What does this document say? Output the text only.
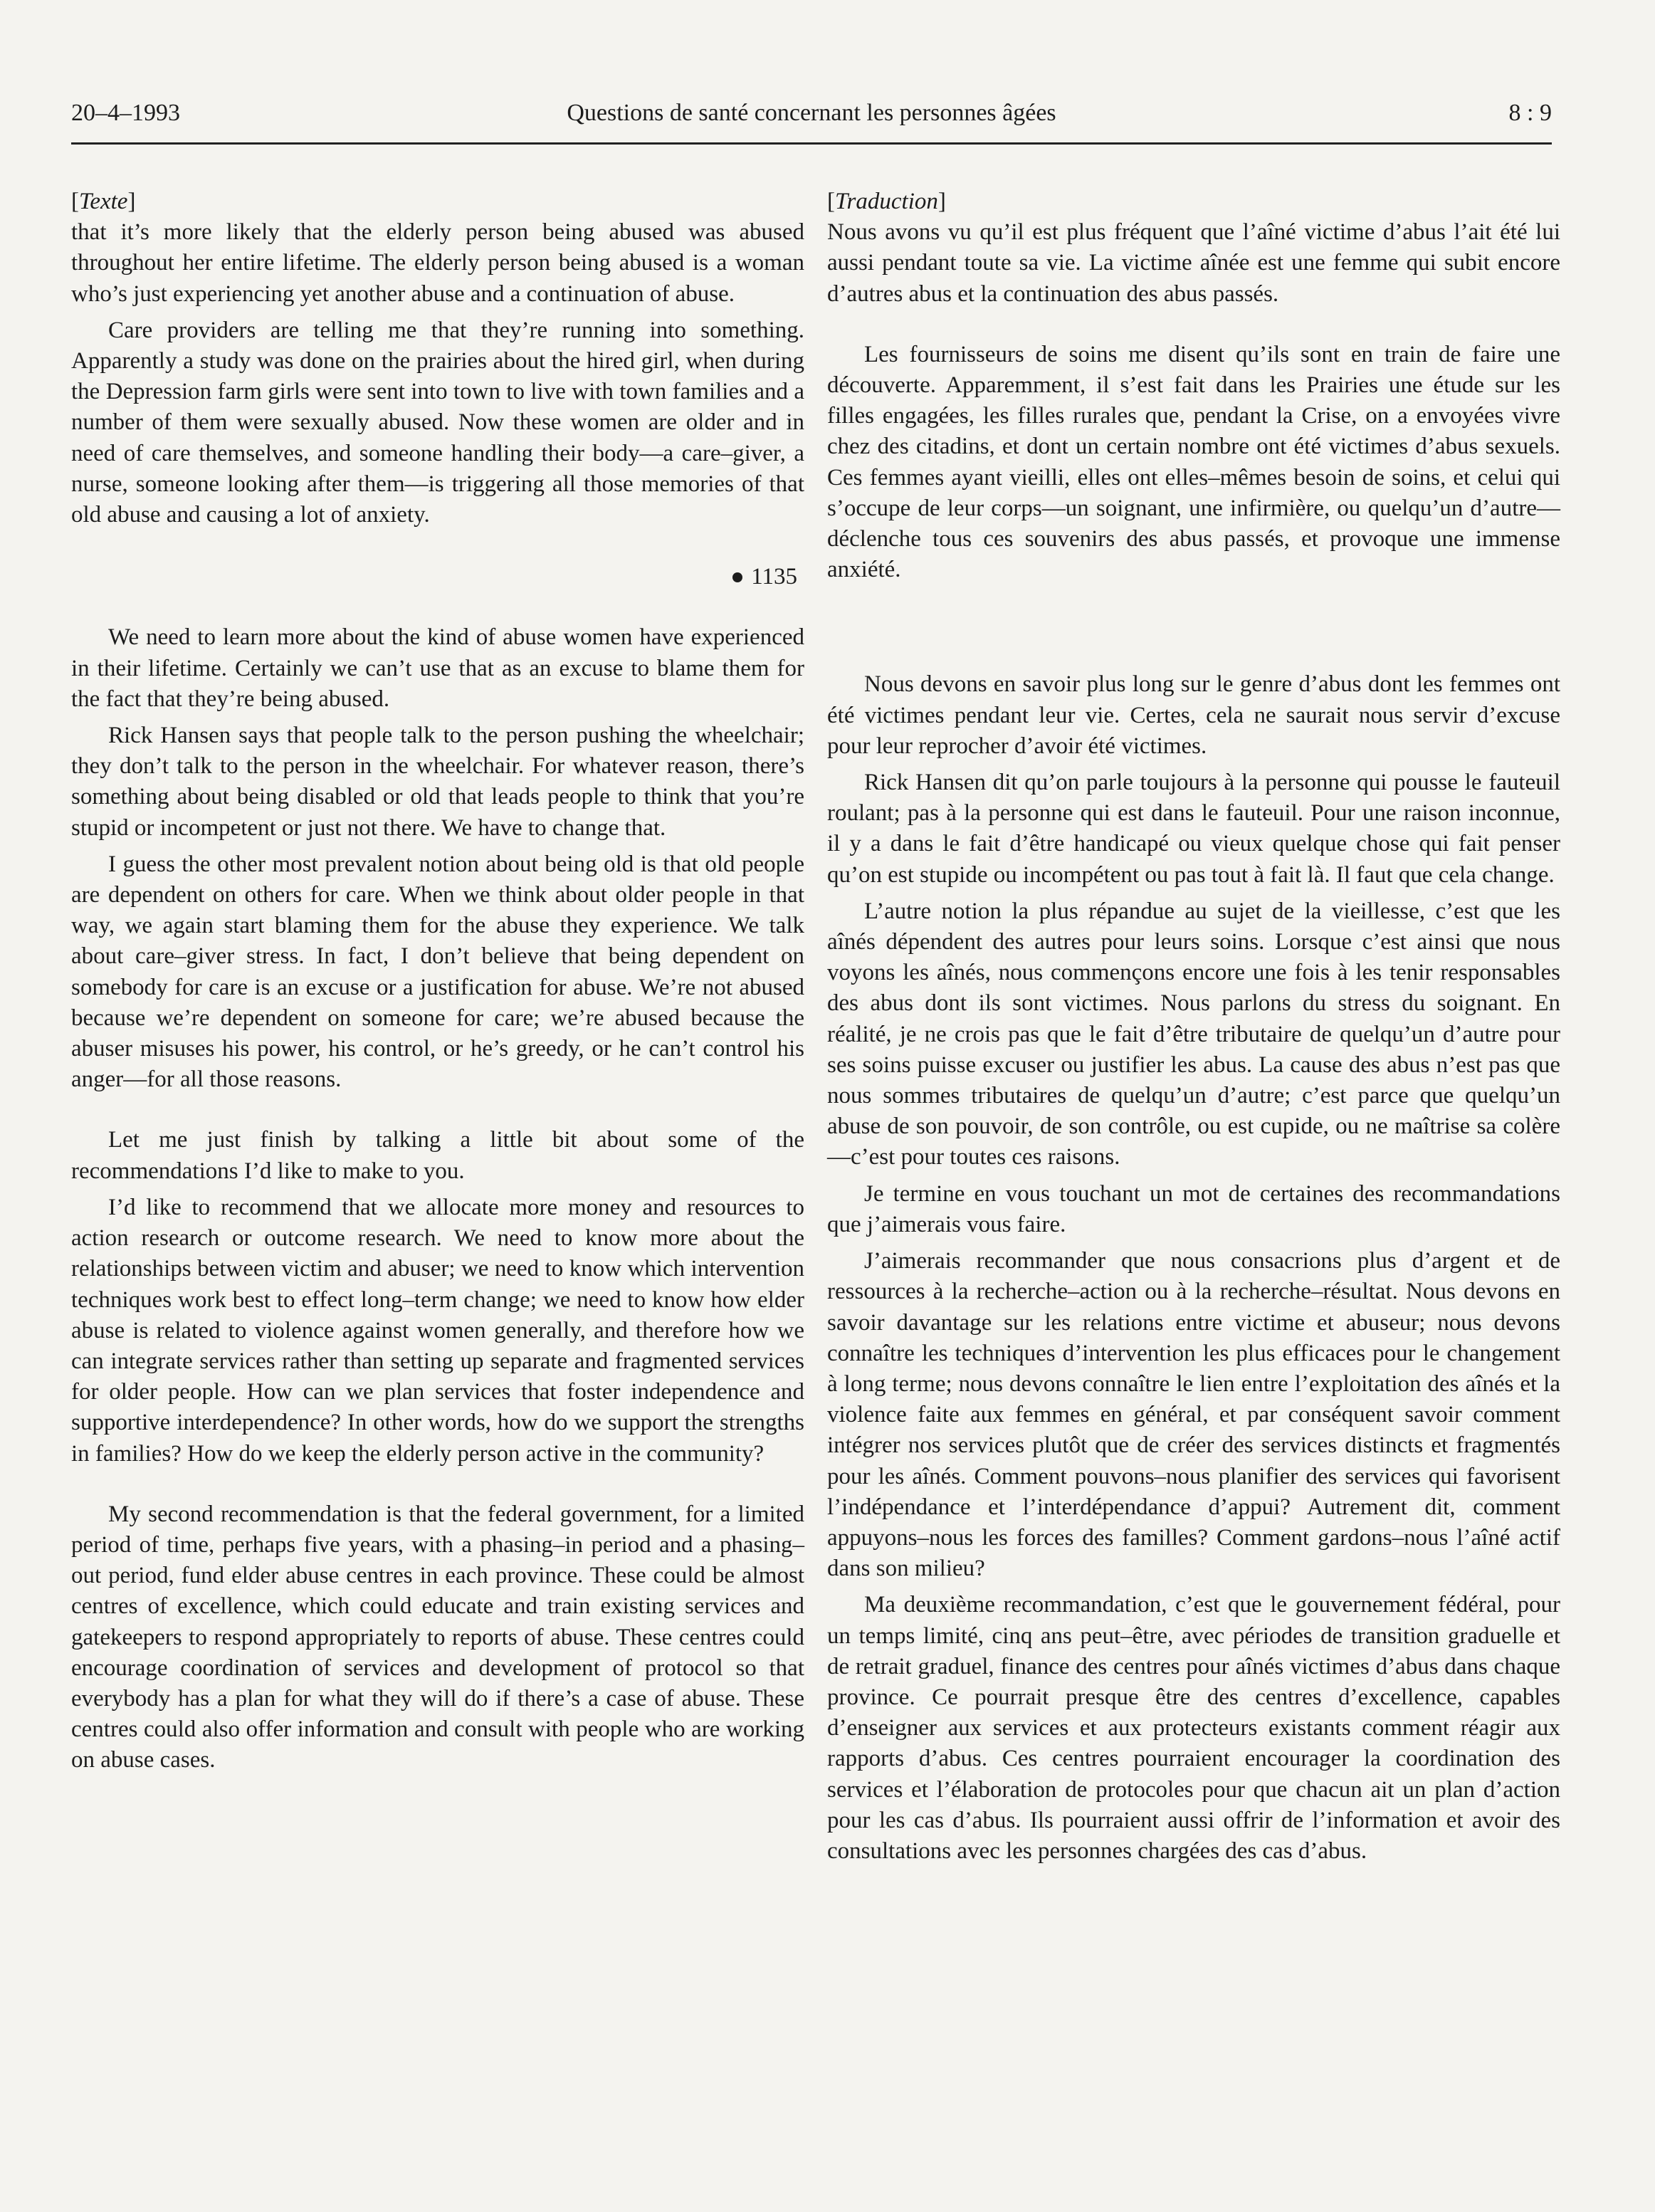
20–4–1993	Questions de santé concernant les personnes âgées	8 : 9
[Texte]

that it’s more likely that the elderly person being abused was abused throughout her entire lifetime. The elderly person being abused is a woman who’s just experiencing yet another abuse and a continuation of abuse.

Care providers are telling me that they’re running into something. Apparently a study was done on the prairies about the hired girl, when during the Depression farm girls were sent into town to live with town families and a number of them were sexually abused. Now these women are older and in need of care themselves, and someone handling their body—a care–giver, a nurse, someone looking after them—is triggering all those memories of that old abuse and causing a lot of anxiety.

1135

We need to learn more about the kind of abuse women have experienced in their lifetime. Certainly we can’t use that as an excuse to blame them for the fact that they’re being abused.

Rick Hansen says that people talk to the person pushing the wheelchair; they don’t talk to the person in the wheelchair. For whatever reason, there’s something about being disabled or old that leads people to think that you’re stupid or incompetent or just not there. We have to change that.

I guess the other most prevalent notion about being old is that old people are dependent on others for care. When we think about older people in that way, we again start blaming them for the abuse they experience. We talk about care–giver stress. In fact, I don’t believe that being dependent on somebody for care is an excuse or a justification for abuse. We’re not abused because we’re dependent on someone for care; we’re abused because the abuser misuses his power, his control, or he’s greedy, or he can’t control his anger—for all those reasons.

Let me just finish by talking a little bit about some of the recommendations I’d like to make to you.

I’d like to recommend that we allocate more money and resources to action research or outcome research. We need to know more about the relationships between victim and abuser; we need to know which intervention techniques work best to effect long–term change; we need to know how elder abuse is related to violence against women generally, and therefore how we can integrate services rather than setting up separate and fragmented services for older people. How can we plan services that foster independence and supportive interdependence? In other words, how do we support the strengths in families? How do we keep the elderly person active in the community?

My second recommendation is that the federal government, for a limited period of time, perhaps five years, with a phasing–in period and a phasing–out period, fund elder abuse centres in each province. These could be almost centres of excellence, which could educate and train existing services and gatekeepers to respond appropriately to reports of abuse. These centres could encourage coordination of services and development of protocol so that everybody has a plan for what they will do if there’s a case of abuse. These centres could also offer information and consult with people who are working on abuse cases.

[Traduction]

Nous avons vu qu’il est plus fréquent que l’aîné victime d’abus l’ait été lui aussi pendant toute sa vie. La victime aînée est une femme qui subit encore d’autres abus et la continuation des abus passés.

Les fournisseurs de soins me disent qu’ils sont en train de faire une découverte. Apparemment, il s’est fait dans les Prairies une étude sur les filles engagées, les filles rurales que, pendant la Crise, on a envoyées vivre chez des citadins, et dont un certain nombre ont été victimes d’abus sexuels. Ces femmes ayant vieilli, elles ont elles–mêmes besoin de soins, et celui qui s’occupe de leur corps—un soignant, une infirmière, ou quelqu’un d’autre—déclenche tous ces souvenirs des abus passés, et provoque une immense anxiété.

Nous devons en savoir plus long sur le genre d’abus dont les femmes ont été victimes pendant leur vie. Certes, cela ne saurait nous servir d’excuse pour leur reprocher d’avoir été victimes.

Rick Hansen dit qu’on parle toujours à la personne qui pousse le fauteuil roulant; pas à la personne qui est dans le fauteuil. Pour une raison inconnue, il y a dans le fait d’être handicapé ou vieux quelque chose qui fait penser qu’on est stupide ou incompétent ou pas tout à fait là. Il faut que cela change.

L’autre notion la plus répandue au sujet de la vieillesse, c’est que les aînés dépendent des autres pour leurs soins. Lorsque c’est ainsi que nous voyons les aînés, nous commençons encore une fois à les tenir responsables des abus dont ils sont victimes. Nous parlons du stress du soignant. En réalité, je ne crois pas que le fait d’être tributaire de quelqu’un d’autre pour ses soins puisse excuser ou justifier les abus. La cause des abus n’est pas que nous sommes tributaires de quelqu’un d’autre; c’est parce que quelqu’un abuse de son pouvoir, de son contrôle, ou est cupide, ou ne maîtrise sa colère—c’est pour toutes ces raisons.

Je termine en vous touchant un mot de certaines des recommandations que j’aimerais vous faire.

J’aimerais recommander que nous consacrions plus d’argent et de ressources à la recherche–action ou à la recherche–résultat. Nous devons en savoir davantage sur les relations entre victime et abuseur; nous devons connaître les techniques d’intervention les plus efficaces pour le changement à long terme; nous devons connaître le lien entre l’exploitation des aînés et la violence faite aux femmes en général, et par conséquent savoir comment intégrer nos services plutôt que de créer des services distincts et fragmentés pour les aînés. Comment pouvons–nous planifier des services qui favorisent l’indépendance et l’interdépendance d’appui? Autrement dit, comment appuyons–nous les forces des familles? Comment gardons–nous l’aîné actif dans son milieu?

Ma deuxième recommandation, c’est que le gouvernement fédéral, pour un temps limité, cinq ans peut–être, avec périodes de transition graduelle et de retrait graduel, finance des centres pour aînés victimes d’abus dans chaque province. Ce pourrait presque être des centres d’excellence, capables d’enseigner aux services et aux protecteurs existants comment réagir aux rapports d’abus. Ces centres pourraient encourager la coordination des services et l’élaboration de protocoles pour que chacun ait un plan d’action pour les cas d’abus. Ils pourraient aussi offrir de l’information et avoir des consultations avec les personnes chargées des cas d’abus.
